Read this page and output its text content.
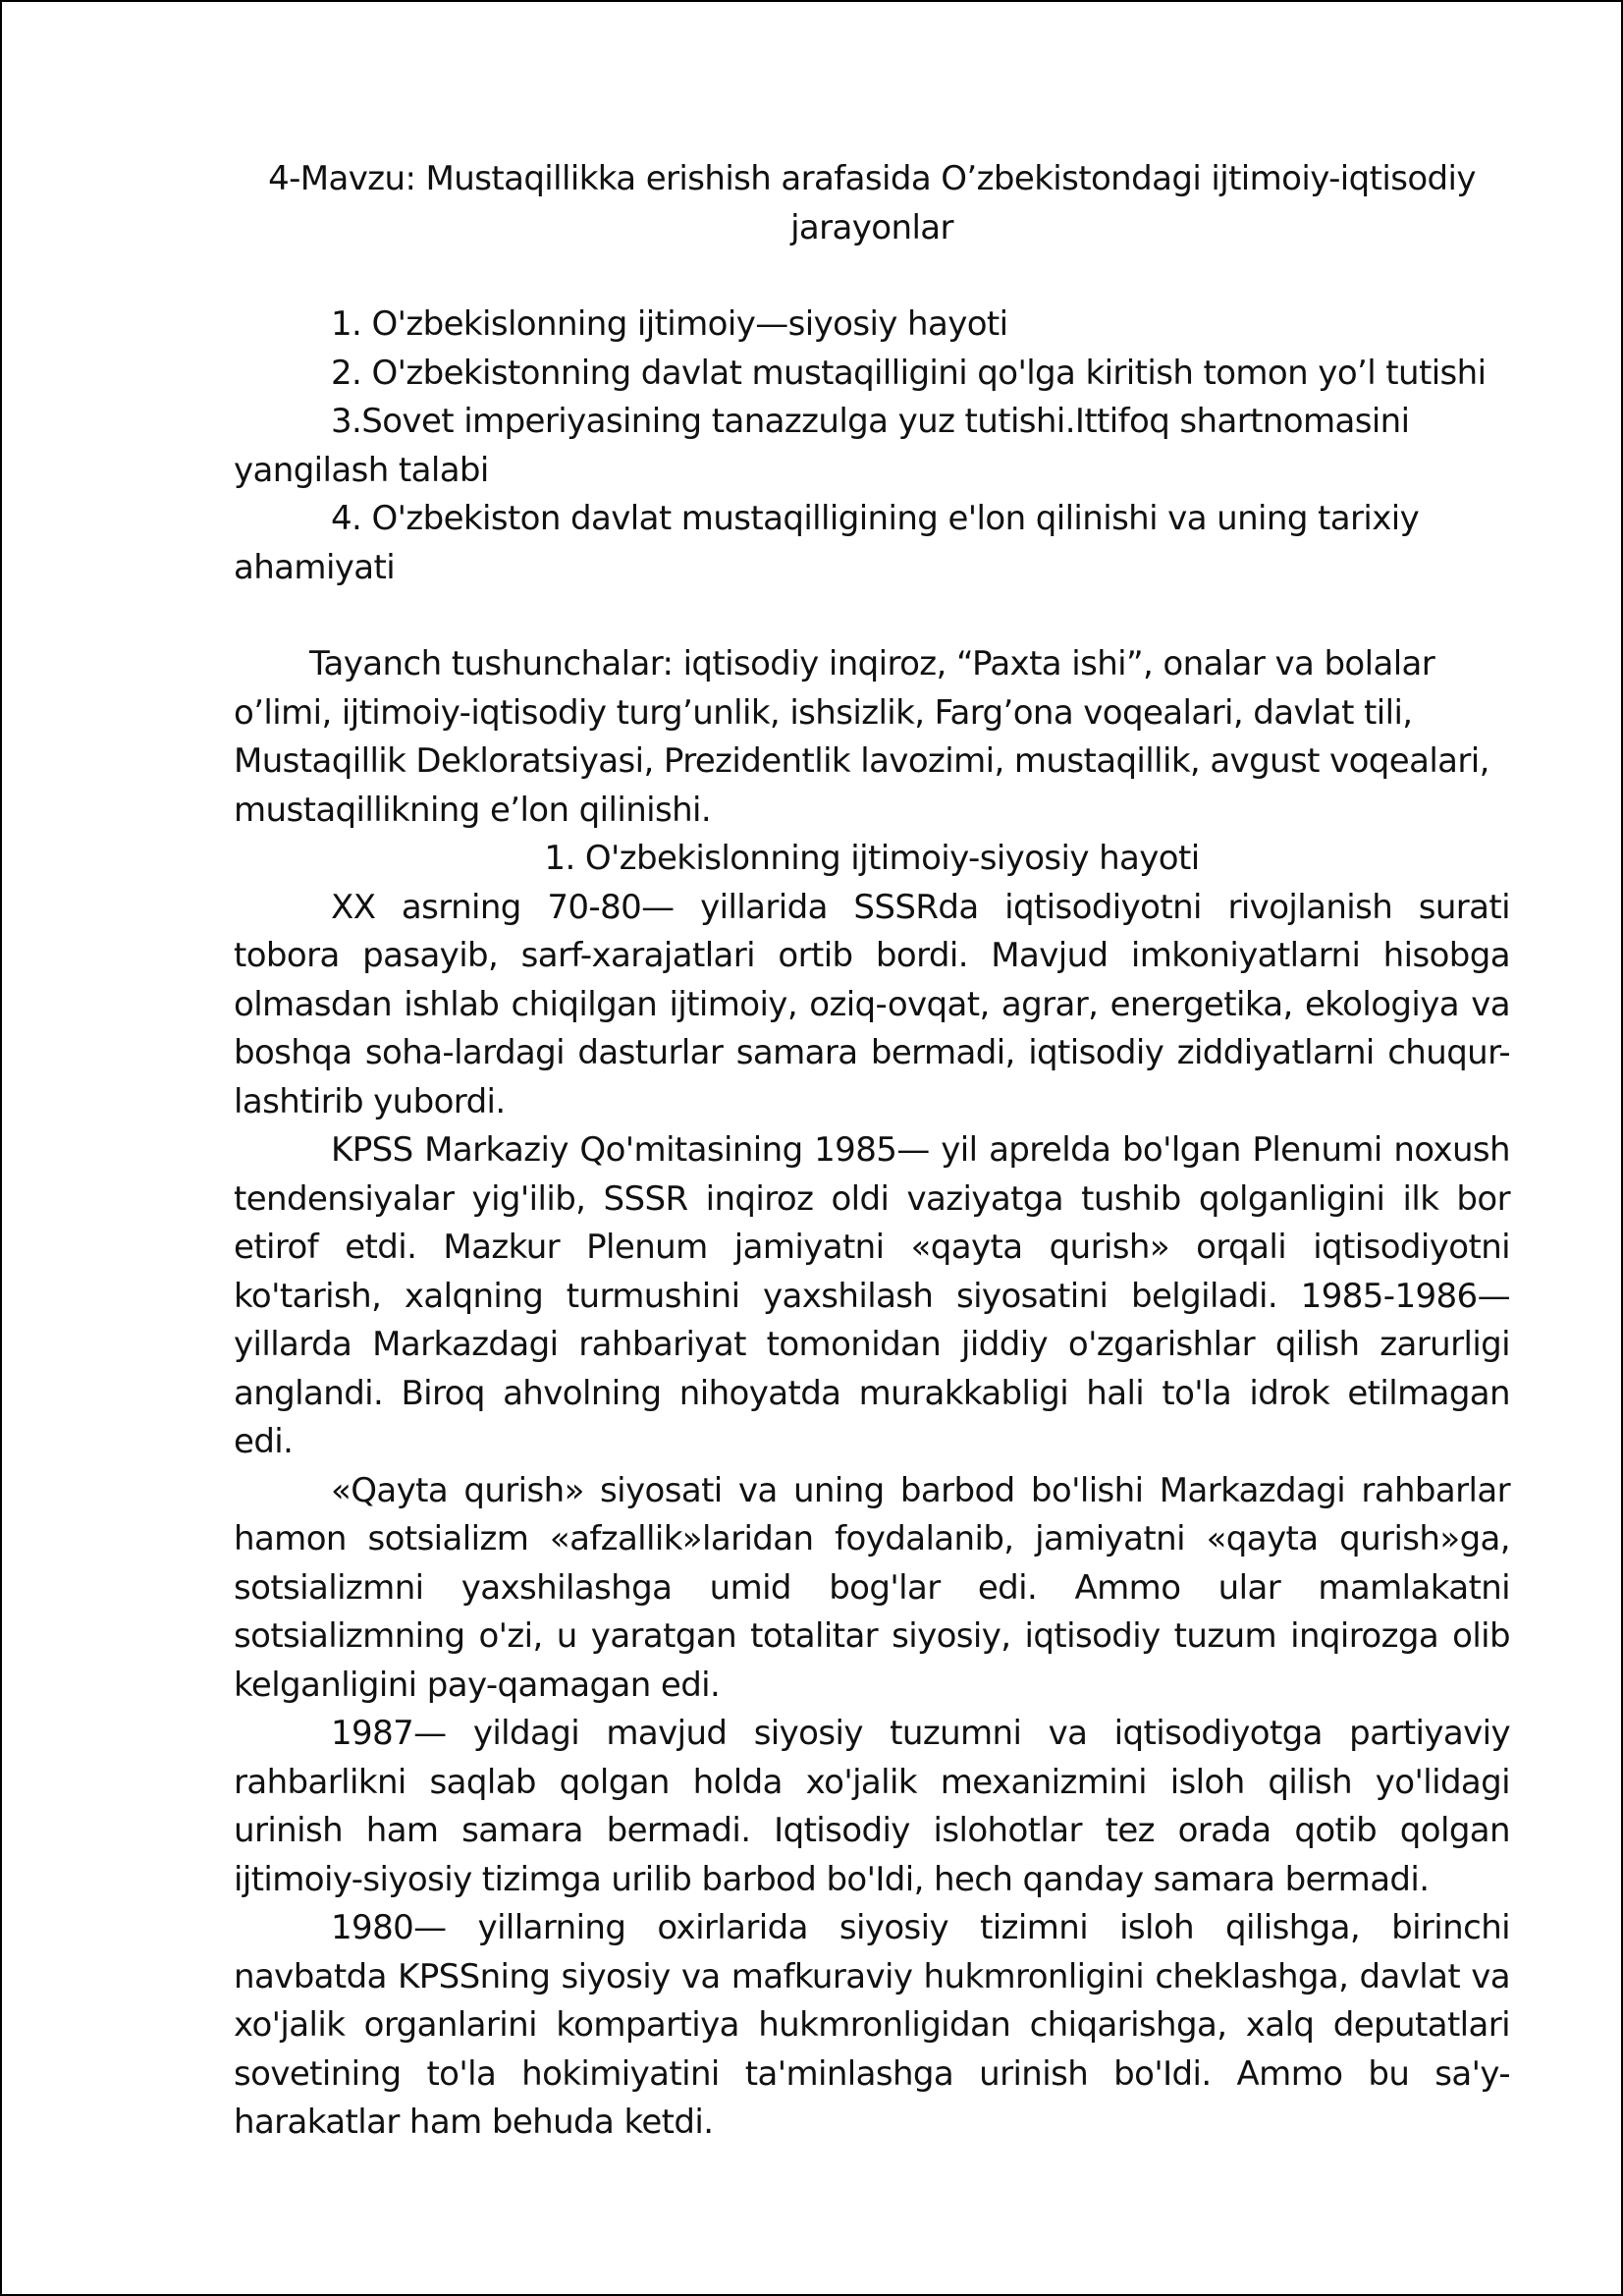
4-Mavzu: Mustaqillikka erishish arafasida O’zbekistondagi ijtimoiy-iqtisodiy
jarayonlar

1. O'zbekislonning ijtimoiy—siyosiy hayoti

2. O'zbekistonning davlat mustaqilligini qo'lga kiritish tomon yo’l tutishi

3.Sovet imperiyasining tanazzulga yuz tutishi.Ittifoq shartnomasini yangilash talabi

4. O'zbekiston davlat mustaqilligining e'lon qilinishi va uning tarixiy ahamiyati

Tayanch tushunchalar: iqtisodiy inqiroz, “Paxta ishi”, onalar va bolalar o’limi, ijtimoiy-iqtisodiy turg’unlik, ishsizlik, Farg’ona voqealari, davlat tili, Mustaqillik Dekloratsiyasi, Prezidentlik lavozimi, mustaqillik, avgust voqealari, mustaqillikning e’lon qilinishi.

1. O'zbekislonning ijtimoiy-siyosiy hayoti

XX asrning 70-80— yillarida SSSRda iqtisodiyotni rivojlanish surati tobora pasayib, sarf-xarajatlari ortib bordi. Mavjud imkoniyatlarni hisobga olmasdan ishlab chiqilgan ijtimoiy, oziq-ovqat, agrar, energetika, ekologiya va boshqa soha-lardagi dasturlar samara bermadi, iqtisodiy ziddiyatlarni chuqur-lashtirib yubordi.

KPSS Markaziy Qo'mitasining 1985— yil aprelda bo'lgan Plenumi noxush tendensiyalar yig'ilib, SSSR inqiroz oldi vaziyatga tushib qolganligini ilk bor etirof etdi. Mazkur Plenum jamiyatni «qayta qurish» orqali iqtisodiyotni ko'tarish, xalqning turmushini yaxshilash siyosatini belgiladi. 1985-1986— yillarda Markazdagi rahbariyat tomonidan jiddiy o'zgarishlar qilish zarurligi anglandi. Biroq ahvolning nihoyatda murakkabligi hali to'la idrok etilmagan edi.

«Qayta qurish» siyosati va uning barbod bo'lishi Markazdagi rahbarlar hamon sotsializm «afzallik»laridan foydalanib, jamiyatni «qayta qurish»ga, sotsializmni yaxshilashga umid bog'lar edi. Ammo ular mamlakatni sotsializmning o'zi, u yaratgan totalitar siyosiy, iqtisodiy tuzum inqirozga olib kelganligini pay-qamagan edi.

1987— yildagi mavjud siyosiy tuzumni va iqtisodiyotga partiyaviy rahbarlikni saqlab qolgan holda xo'jalik mexanizmini isloh qilish yo'lidagi urinish ham samara bermadi. Iqtisodiy islohotlar tez orada qotib qolgan ijtimoiy-siyosiy tizimga urilib barbod bo'Idi, hech qanday samara bermadi.

1980— yillarning oxirlarida siyosiy tizimni isloh qilishga, birinchi navbatda KPSSning siyosiy va mafkuraviy hukmronligini cheklashga, davlat va xo'jalik organlarini kompartiya hukmronligidan chiqarishga, xalq deputatlari sovetining to'la hokimiyatini ta'minlashga urinish bo'Idi. Ammo bu sa'y-harakatlar ham behuda ketdi.
